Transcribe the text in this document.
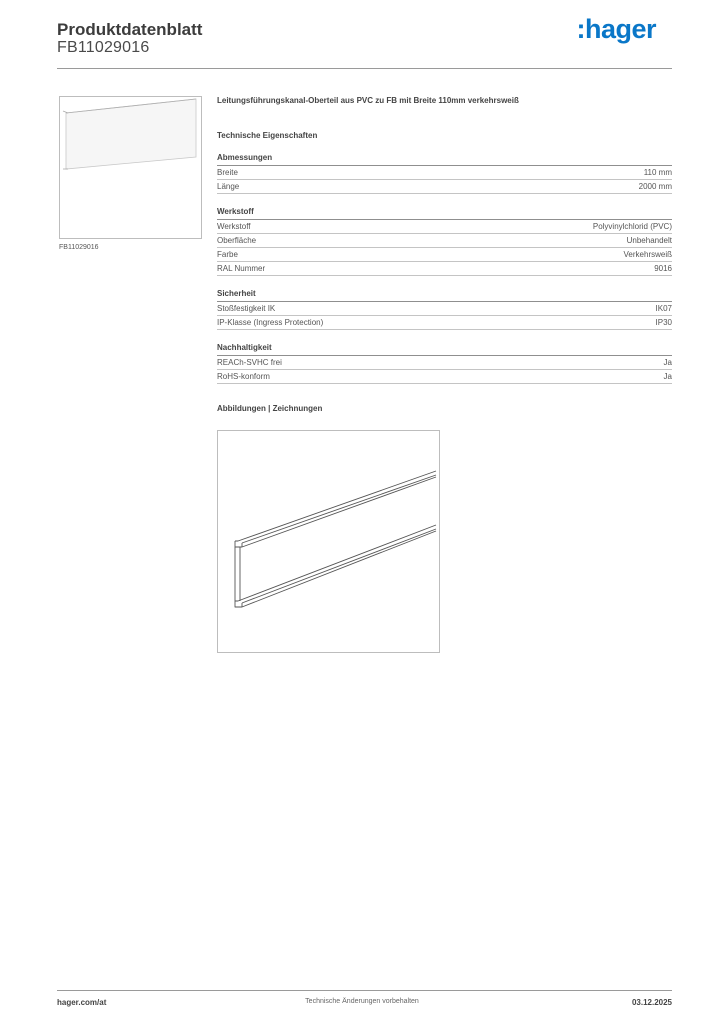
Produktdatenblatt
FB11029016
:hager
FB11029016
Leitungsführungskanal-Oberteil aus PVC zu FB mit Breite 110mm verkehrsweiß
Technische Eigenschaften
Abmessungen
Breite	110 mm
Länge	2000 mm
Werkstoff
Werkstoff	Polyvinylchlorid (PVC)
Oberfläche	Unbehandelt
Farbe	Verkehrsweiß
RAL Nummer	9016
Sicherheit
Stoßfestigkeit IK	IK07
IP-Klasse (Ingress Protection)	IP30
Nachhaltigkeit
REACh-SVHC frei	Ja
RoHS-konform	Ja
Abbildungen | Zeichnungen
hager.com/at	Technische Änderungen vorbehalten	03.12.2025
